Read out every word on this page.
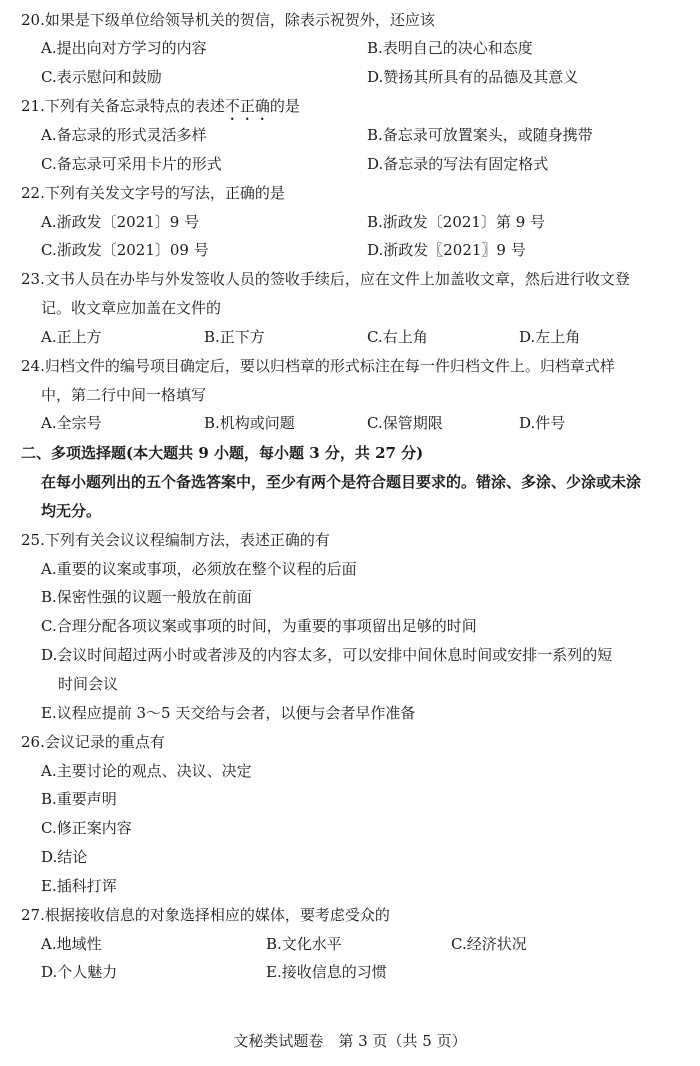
20.如果是下级单位给领导机关的贺信，除表示祝贺外，还应该
A.提出向对方学习的内容	B.表明自己的决心和态度
C.表示慰问和鼓励	D.赞扬其所具有的品德及其意义
21.下列有关备忘录特点的表述不正确的是
A.备忘录的形式灵活多样	B.备忘录可放置案头，或随身携带
C.备忘录可采用卡片的形式	D.备忘录的写法有固定格式
22.下列有关发文字号的写法，正确的是
A.浙政发〔2021〕9 号	B.浙政发〔2021〕第 9 号
C.浙政发〔2021〕09 号	D.浙政发〖2021〗9 号
23.文书人员在办毕与外发签收人员的签收手续后，应在文件上加盖收文章，然后进行收文登
记。收文章应加盖在文件的
A.正上方	B.正下方	C.右上角	D.左上角
24.归档文件的编号项目确定后，要以归档章的形式标注在每一件归档文件上。归档章式样
中，第二行中间一格填写
A.全宗号	B.机构或问题	C.保管期限	D.件号
二、多项选择题(本大题共 9 小题，每小题 3 分，共 27 分)
在每小题列出的五个备选答案中，至少有两个是符合题目要求的。错涂、多涂、少涂或未涂
均无分。
25.下列有关会议议程编制方法，表述正确的有
A.重要的议案或事项，必须放在整个议程的后面
B.保密性强的议题一般放在前面
C.合理分配各项议案或事项的时间，为重要的事项留出足够的时间
D.会议时间超过两小时或者涉及的内容太多，可以安排中间休息时间或安排一系列的短
时间会议
E.议程应提前 3～5 天交给与会者，以便与会者早作准备
26.会议记录的重点有
A.主要讨论的观点、决议、决定
B.重要声明
C.修正案内容
D.结论
E.插科打诨
27.根据接收信息的对象选择相应的媒体，要考虑受众的
A.地域性	B.文化水平	C.经济状况
D.个人魅力	E.接收信息的习惯
文秘类试题卷　第 3 页（共 5 页）
